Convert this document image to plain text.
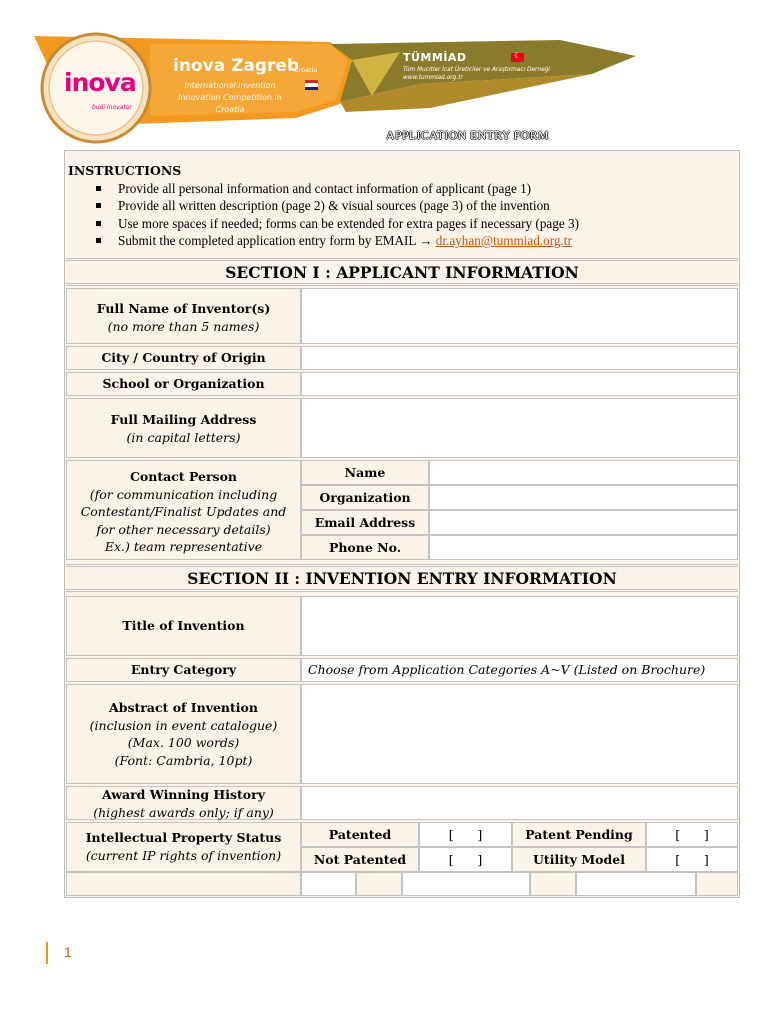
inova
budi inovator
inova Zagreb
International Invention Innovation Competition in Croatia
Croatia
TÜMMİAD
Tüm Mucitler İcat Üreticiler ve Araştırmacı Derneği
www.tummiad.org.tr
☾
APPLICATION ENTRY FORM
INSTRUCTIONS
Provide all personal information and contact information of applicant (page 1)
Provide all written description (page 2) & visual sources (page 3) of the invention
Use more spaces if needed; forms can be extended for extra pages if necessary (page 3)
Submit the completed application entry form by EMAIL → dr.ayhan@tummiad.org.tr
SECTION I : APPLICANT INFORMATION
Full Name of Inventor(s)
(no more than 5 names)
City / Country of Origin
School or Organization
Full Mailing Address
(in capital letters)
Contact Person
(for communication including
Contestant/Finalist Updates and
for other necessary details)
Ex.) team representative
Name
Organization
Email Address
Phone No.
SECTION II : INVENTION ENTRY INFORMATION
Title of Invention
Entry Category	Choose from Application Categories A~V (Listed on Brochure)
Abstract of Invention
(inclusion in event catalogue)
(Max. 100 words)
(Font: Cambria, 10pt)
Award Winning History
(highest awards only; if any)
Intellectual Property Status
(current IP rights of invention)
Patented	[      ]	Patent Pending	[      ]
Not Patented	[      ]	Utility Model	[      ]
1
